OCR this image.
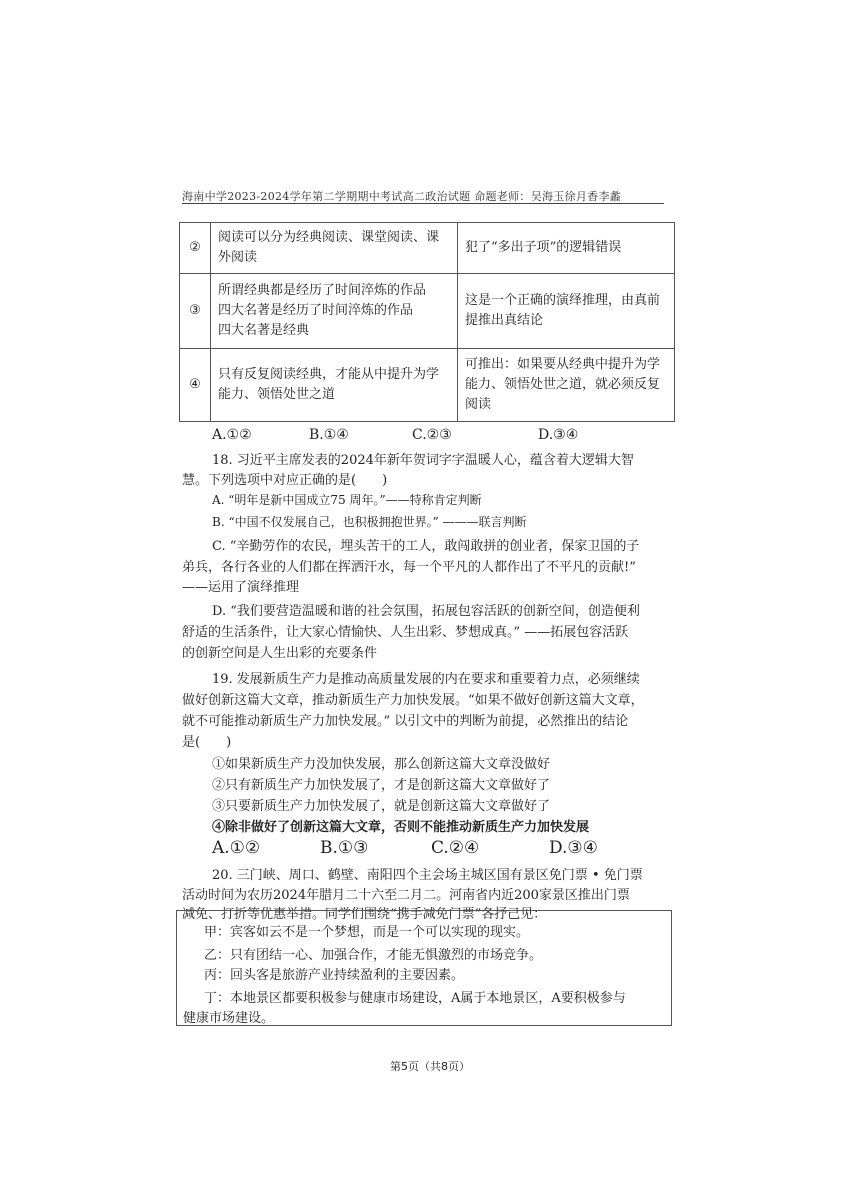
海南中学2023-2024学年第二学期期中考试高二政治试题 命题老师：吴海玉徐月香李蠡
②	阅读可以分为经典阅读、课堂阅读、课外阅读	犯了“多出子项”的逻辑错误
③	所谓经典都是经历了时间淬炼的作品
四大名著是经历了时间淬炼的作品
四大名著是经典	这是一个正确的演绎推理，由真前提推出真结论
④	只有反复阅读经典，才能从中提升为学能力、领悟处世之道	可推出：如果要从经典中提升为学能力、领悟处世之道，就必须反复阅读
A.①②	B.①④	C.②③	D.③④
18. 习近平主席发表的2024年新年贺词字字温暖人心，蕴含着大逻辑大智
慧。下列选项中对应正确的是(　　)
A. “明年是新中国成立75 周年。”——特称肯定判断
B. “中国不仅发展自己，也积极拥抱世界。” ———联言判断
C. “辛勤劳作的农民，埋头苦干的工人，敢闯敢拼的创业者，保家卫国的子
弟兵，各行各业的人们都在挥洒汗水，每一个平凡的人都作出了不平凡的贡献!”
——运用了演绎推理
D. “我们要营造温暖和谐的社会氛围，拓展包容活跃的创新空间，创造便利
舒适的生活条件，让大家心情愉快、人生出彩、梦想成真。” ——拓展包容活跃
的创新空间是人生出彩的充要条件
19. 发展新质生产力是推动高质量发展的内在要求和重要着力点，必须继续
做好创新这篇大文章，推动新质生产力加快发展。“如果不做好创新这篇大文章，
就不可能推动新质生产力加快发展。” 以引文中的判断为前提，必然推出的结论
是(　　)
①如果新质生产力没加快发展，那么创新这篇大文章没做好
②只有新质生产力加快发展了，才是创新这篇大文章做好了
③只要新质生产力加快发展了，就是创新这篇大文章做好了
④除非做好了创新这篇大文章，否则不能推动新质生产力加快发展
A.①②	B.①③	C.②④	D.③④
20. 三门峡、周口、鹤壁、南阳四个主会场主城区国有景区免门票 • 免门票
活动时间为农历2024年腊月二十六至二月二。河南省内近200家景区推出门票
减免、打折等优惠举措。同学们围绕“携手减免门票”各抒己见：
甲：宾客如云不是一个梦想，而是一个可以实现的现实。
乙：只有团结一心、加强合作，才能无惧激烈的市场竞争。
丙：回头客是旅游产业持续盈利的主要因素。
丁：本地景区都要积极参与健康市场建设，A属于本地景区，A要积极参与
健康市场建设。
第5页（共8页）
